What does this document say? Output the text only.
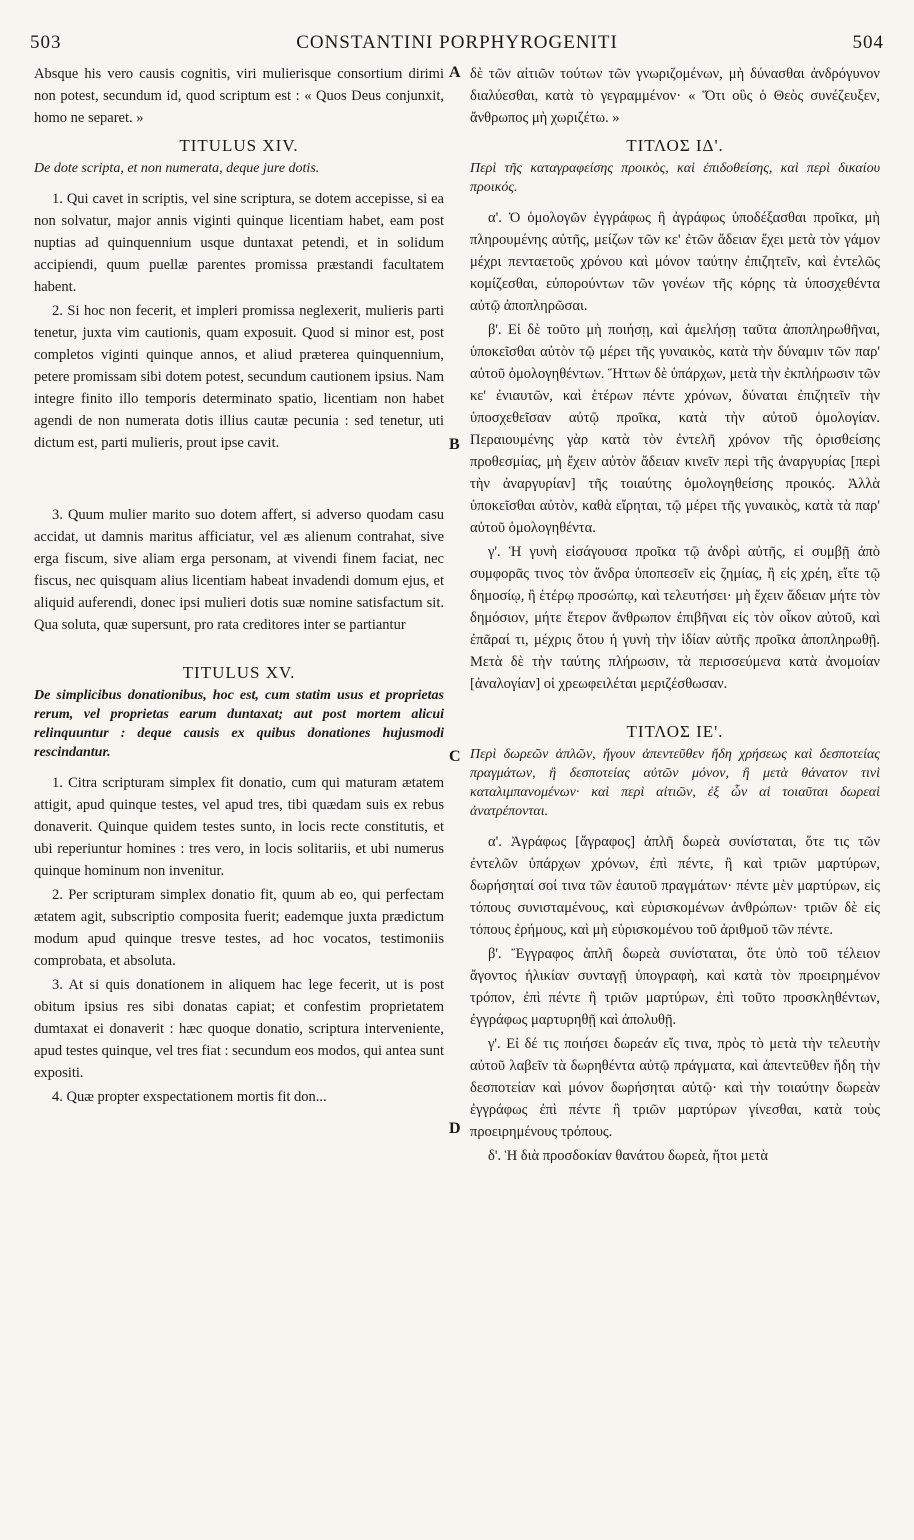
503	CONSTANTINI PORPHYROGENITI	504
A
B
C
D

Absque his vero causis cognitis, viri mulierisque consortium dirimi non potest, secundum id, quod scriptum est : « Quos Deus conjunxit, homo ne separet. »

TITULUS XIV.
De dote scripta, et non numerata, deque jure dotis.

1. Qui cavet in scriptis, vel sine scriptura, se dotem accepisse, si ea non solvatur, major annis viginti quinque licentiam habet, eam post nuptias ad quinquennium usque duntaxat petendi, et in solidum accipiendi, quum puellæ parentes promissa præstandi facultatem habent.

2. Si hoc non fecerit, et impleri promissa neglexerit, mulieris parti tenetur, juxta vim cautionis, quam exposuit. Quod si minor est, post completos viginti quinque annos, et aliud præterea quinquennium, petere promissam sibi dotem potest, secundum cautionem ipsius. Nam integre finito illo temporis determinato spatio, licentiam non habet agendi de non numerata dotis illius cautæ pecunia : sed tenetur, uti dictum est, parti mulieris, prout ipse cavit.

3. Quum mulier marito suo dotem affert, si adverso quodam casu accidat, ut damnis maritus afficiatur, vel æs alienum contrahat, sive erga fiscum, sive aliam erga personam, at vivendi finem faciat, nec fiscus, nec quisquam alius licentiam habeat invadendi domum ejus, et aliquid auferendi, donec ipsi mulieri dotis suæ nomine satisfactum sit. Qua soluta, quæ supersunt, pro rata creditores inter se partiantur

TITULUS XV.
De simplicibus donationibus, hoc est, cum statim usus et proprietas rerum, vel proprietas earum duntaxat; aut post mortem alicui relinquuntur : deque causis ex quibus donationes hujusmodi rescindantur.

1. Citra scripturam simplex fit donatio, cum qui maturam ætatem attigit, apud quinque testes, vel apud tres, tibi quædam suis ex rebus donaverit. Quinque quidem testes sunto, in locis recte constitutis, et ubi reperiuntur homines : tres vero, in locis solitariis, et ubi numerus quinque hominum non invenitur.

2. Per scripturam simplex donatio fit, quum ab eo, qui perfectam ætatem agit, subscriptio composita fuerit; eademque juxta prædictum modum apud quinque tresve testes, ad hoc vocatos, testimoniis comprobata, et absoluta.

3. At si quis donationem in aliquem hac lege fecerit, ut is post obitum ipsius res sibi donatas capiat; et confestim proprietatem dumtaxat ei donaverit : hæc quoque donatio, scriptura interveniente, apud testes quinque, vel tres fiat : secundum eos modos, qui antea sunt expositi.

4. Quæ propter exspectationem mortis fit don...

δὲ τῶν αἰτιῶν τούτων τῶν γνωριζομένων, μὴ δύνασθαι ἀνδρόγυνον διαλύεσθαι, κατὰ τὸ γεγραμμένον· « Ὅτι οὓς ὁ Θεὸς συνέζευξεν, ἄνθρωπος μὴ χωριζέτω. »

ΤΙΤΛΟΣ ΙΔ'.
Περὶ τῆς καταγραφείσης προικὸς, καὶ ἐπιδοθείσης, καὶ περὶ δικαίου προικός.

α'. Ὁ ὁμολογῶν ἐγγράφως ἢ ἀγράφως ὑποδέξασθαι προῖκα, μὴ πληρουμένης αὐτῆς, μείζων τῶν κε' ἐτῶν ἄδειαν ἔχει μετὰ τὸν γάμον μέχρι πενταετοῦς χρόνου καὶ μόνον ταύτην ἐπιζητεῖν, καὶ ἐντελῶς κομίζεσθαι, εὐπορούντων τῶν γονέων τῆς κόρης τὰ ὑποσχεθέντα αὐτῷ ἀποπληρῶσαι.

β'. Εἰ δὲ τοῦτο μὴ ποιήσῃ, καὶ ἀμελήσῃ ταῦτα ἀποπληρωθῆναι, ὑποκεῖσθαι αὐτὸν τῷ μέρει τῆς γυναικὸς, κατὰ τὴν δύναμιν τῶν παρ' αὐτοῦ ὁμολογηθέντων. Ἥττων δὲ ὑπάρχων, μετὰ τὴν ἐκπλήρωσιν τῶν κε' ἐνιαυτῶν, καὶ ἑτέρων πέντε χρόνων, δύναται ἐπιζητεῖν τὴν ὑποσχεθεῖσαν αὐτῷ προῖκα, κατὰ τὴν αὐτοῦ ὁμολογίαν. Περαιουμένης γὰρ κατὰ τὸν ἐντελῆ χρόνον τῆς ὁρισθείσης προθεσμίας, μὴ ἔχειν αὐτὸν ἄδειαν κινεῖν περὶ τῆς ἀναργυρίας [περὶ τὴν ἀναργυρίαν] τῆς τοιαύτης ὁμολογηθείσης προικός. Ἀλλὰ ὑποκεῖσθαι αὐτὸν, καθὰ εἴρηται, τῷ μέρει τῆς γυναικὸς, κατὰ τὰ παρ' αὐτοῦ ὁμολογηθέντα.

γ'. Ἡ γυνὴ εἰσάγουσα προῖκα τῷ ἀνδρὶ αὐτῆς, εἰ συμβῇ ἀπὸ συμφορᾶς τινος τὸν ἄνδρα ὑποπεσεῖν εἰς ζημίας, ἢ εἰς χρέη, εἴτε τῷ δημοσίῳ, ἢ ἑτέρῳ προσώπῳ, καὶ τελευτήσει· μὴ ἔχειν ἄδειαν μήτε τὸν δημόσιον, μήτε ἕτερον ἄνθρωπον ἐπιβῆναι εἰς τὸν οἶκον αὐτοῦ, καὶ ἐπᾶραί τι, μέχρις ὅτου ἡ γυνὴ τὴν ἰδίαν αὐτῆς προῖκα ἀποπληρωθῇ. Μετὰ δὲ τὴν ταύτης πλήρωσιν, τὰ περισσεύμενα κατὰ ἀνομοίαν [ἀναλογίαν] οἱ χρεωφειλέται μεριζέσθωσαν.

ΤΙΤΛΟΣ ΙΕ'.
Περὶ δωρεῶν ἁπλῶν, ἤγουν ἀπεντεῦθεν ἤδη χρήσεως καὶ δεσποτείας πραγμάτων, ἢ δεσποτείας αὐτῶν μόνον, ἢ μετὰ θάνατον τινὶ καταλιμπανομένων· καὶ περὶ αἰτιῶν, ἐξ ὧν αἱ τοιαῦται δωρεαὶ ἀνατρέπονται.

α'. Ἀγράφως [ἄγραφος] ἁπλῆ δωρεὰ συνίσταται, ὅτε τις τῶν ἐντελῶν ὑπάρχων χρόνων, ἐπὶ πέντε, ἢ καὶ τριῶν μαρτύρων, δωρήσηταί σοί τινα τῶν ἑαυτοῦ πραγμάτων· πέντε μὲν μαρτύρων, εἰς τόπους συνισταμένους, καὶ εὑρισκομένων ἀνθρώπων· τριῶν δὲ εἰς τόπους ἐρήμους, καὶ μὴ εὑρισκομένου τοῦ ἀριθμοῦ τῶν πέντε.

β'. Ἔγγραφος ἁπλῆ δωρεὰ συνίσταται, ὅτε ὑπὸ τοῦ τέλειον ἄγοντος ἡλικίαν συνταγῇ ὑπογραφὴ, καὶ κατὰ τὸν προειρημένον τρόπον, ἐπὶ πέντε ἢ τριῶν μαρτύρων, ἐπὶ τοῦτο προσκληθέντων, ἐγγράφως μαρτυρηθῇ καὶ ἀπολυθῇ.

γ'. Εἰ δέ τις ποιήσει δωρεάν εἴς τινα, πρὸς τὸ μετὰ τὴν τελευτὴν αὐτοῦ λαβεῖν τὰ δωρηθέντα αὐτῷ πράγματα, καὶ ἀπεντεῦθεν ἤδη τὴν δεσποτείαν καὶ μόνον δωρήσηται αὐτῷ· καὶ τὴν τοιαύτην δωρεὰν ἐγγράφως ἐπὶ πέντε ἢ τριῶν μαρτύρων γίνεσθαι, κατὰ τοὺς προειρημένους τρόπους.

δ'. Ἡ διὰ προσδοκίαν θανάτου δωρεὰ, ἤτοι μετὰ
